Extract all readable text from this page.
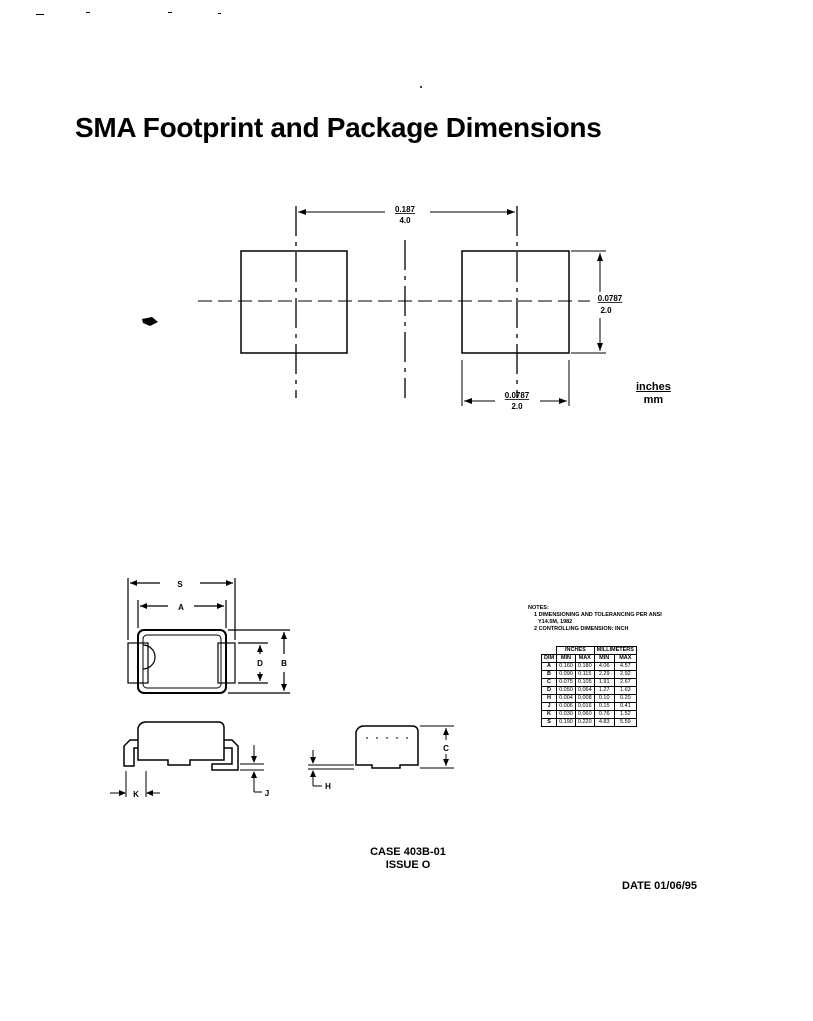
SMA Footprint and Package Dimensions
0.187
4.0
0.0787
2.0
0.0787
2.0
S
A
D B
K	J
C
H
inches
mm
NOTES:
1 DIMENSIONING AND TOLERANCING PER ANSI
Y14.5M, 1982
2 CONTROLLING DIMENSION: INCH
	INCHES		MILLIMETERS	
DIM	MIN	MAX	MIN	MAX
A	0.160	0.180	4.06	4.57
B	0.090	0.115	2.29	2.92
C	0.075	0.105	1.91	2.67
D	0.050	0.064	1.27	1.63
H	0.004	0.008	0.10	0.20
J	0.006	0.016	0.15	0.41
K	0.030	0.060	0.76	1.52
S	0.190	0.220	4.83	5.59
CASE 403B-01
ISSUE O
DATE 01/06/95
